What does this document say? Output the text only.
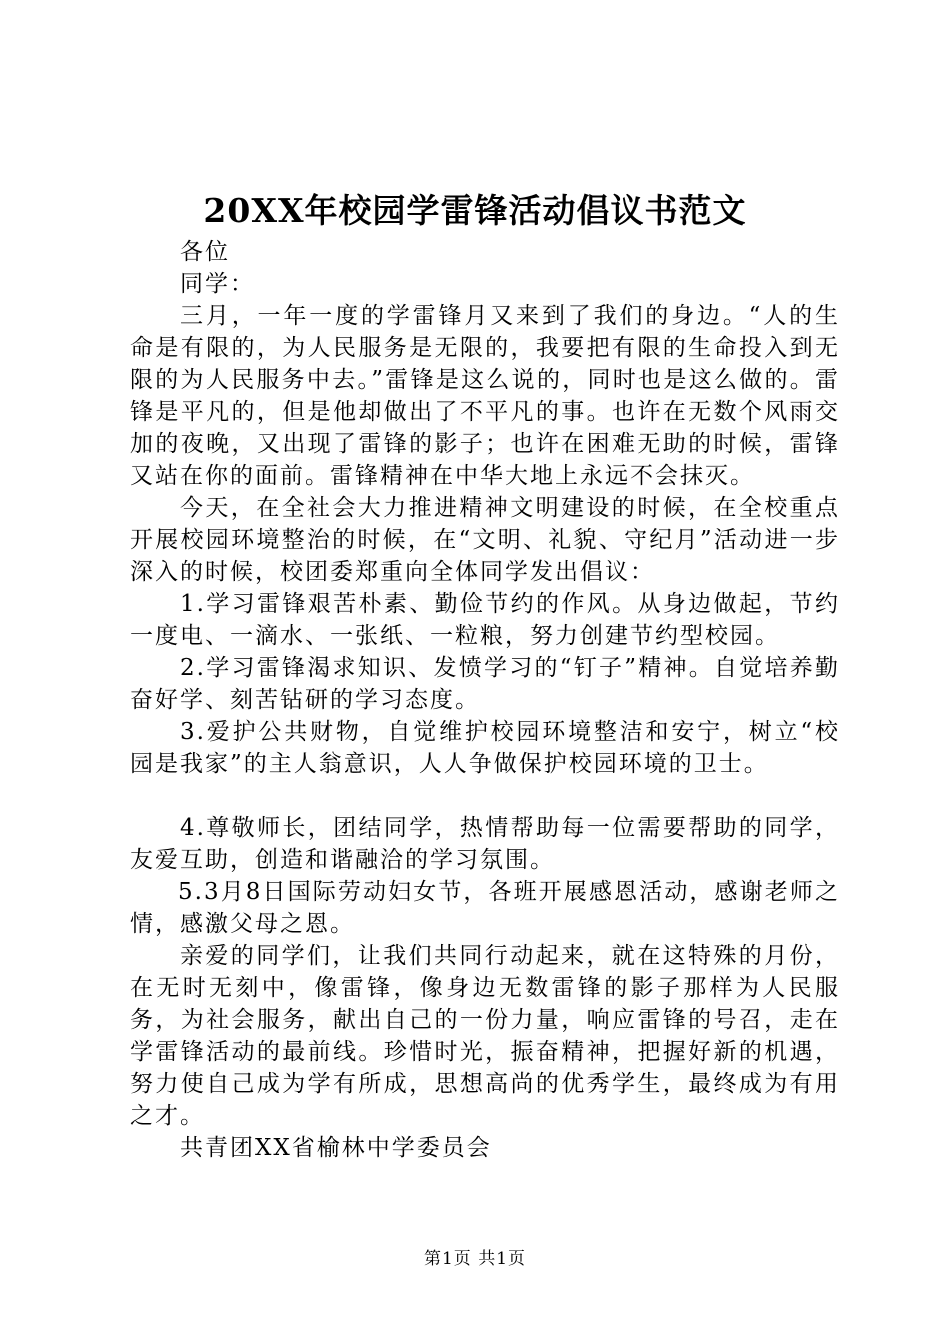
20XX年校园学雷锋活动倡议书范文

各位

同学：

三月，一年一度的学雷锋月又来到了我们的身边。“人的生命是有限的，为人民服务是无限的，我要把有限的生命投入到无限的为人民服务中去。”雷锋是这么说的，同时也是这么做的。雷锋是平凡的，但是他却做出了不平凡的事。也许在无数个风雨交加的夜晚，又出现了雷锋的影子；也许在困难无助的时候，雷锋又站在你的面前。雷锋精神在中华大地上永远不会抹灭。

今天，在全社会大力推进精神文明建设的时候，在全校重点开展校园环境整治的时候，在“文明、礼貌、守纪月”活动进一步深入的时候，校团委郑重向全体同学发出倡议：

1.学习雷锋艰苦朴素、勤俭节约的作风。从身边做起，节约一度电、一滴水、一张纸、一粒粮，努力创建节约型校园。

2.学习雷锋渴求知识、发愤学习的“钉子”精神。自觉培养勤奋好学、刻苦钻研的学习态度。

3.爱护公共财物，自觉维护校园环境整洁和安宁，树立“校园是我家”的主人翁意识，人人争做保护校园环境的卫士。

4.尊敬师长，团结同学，热情帮助每一位需要帮助的同学，友爱互助，创造和谐融洽的学习氛围。

5.3月8日国际劳动妇女节，各班开展感恩活动，感谢老师之情，感激父母之恩。

亲爱的同学们，让我们共同行动起来，就在这特殊的月份，在无时无刻中，像雷锋，像身边无数雷锋的影子那样为人民服务，为社会服务，献出自己的一份力量，响应雷锋的号召，走在学雷锋活动的最前线。珍惜时光，振奋精神，把握好新的机遇，努力使自己成为学有所成，思想高尚的优秀学生，最终成为有用之才。

共青团XX省榆林中学委员会

第1页 共1页
